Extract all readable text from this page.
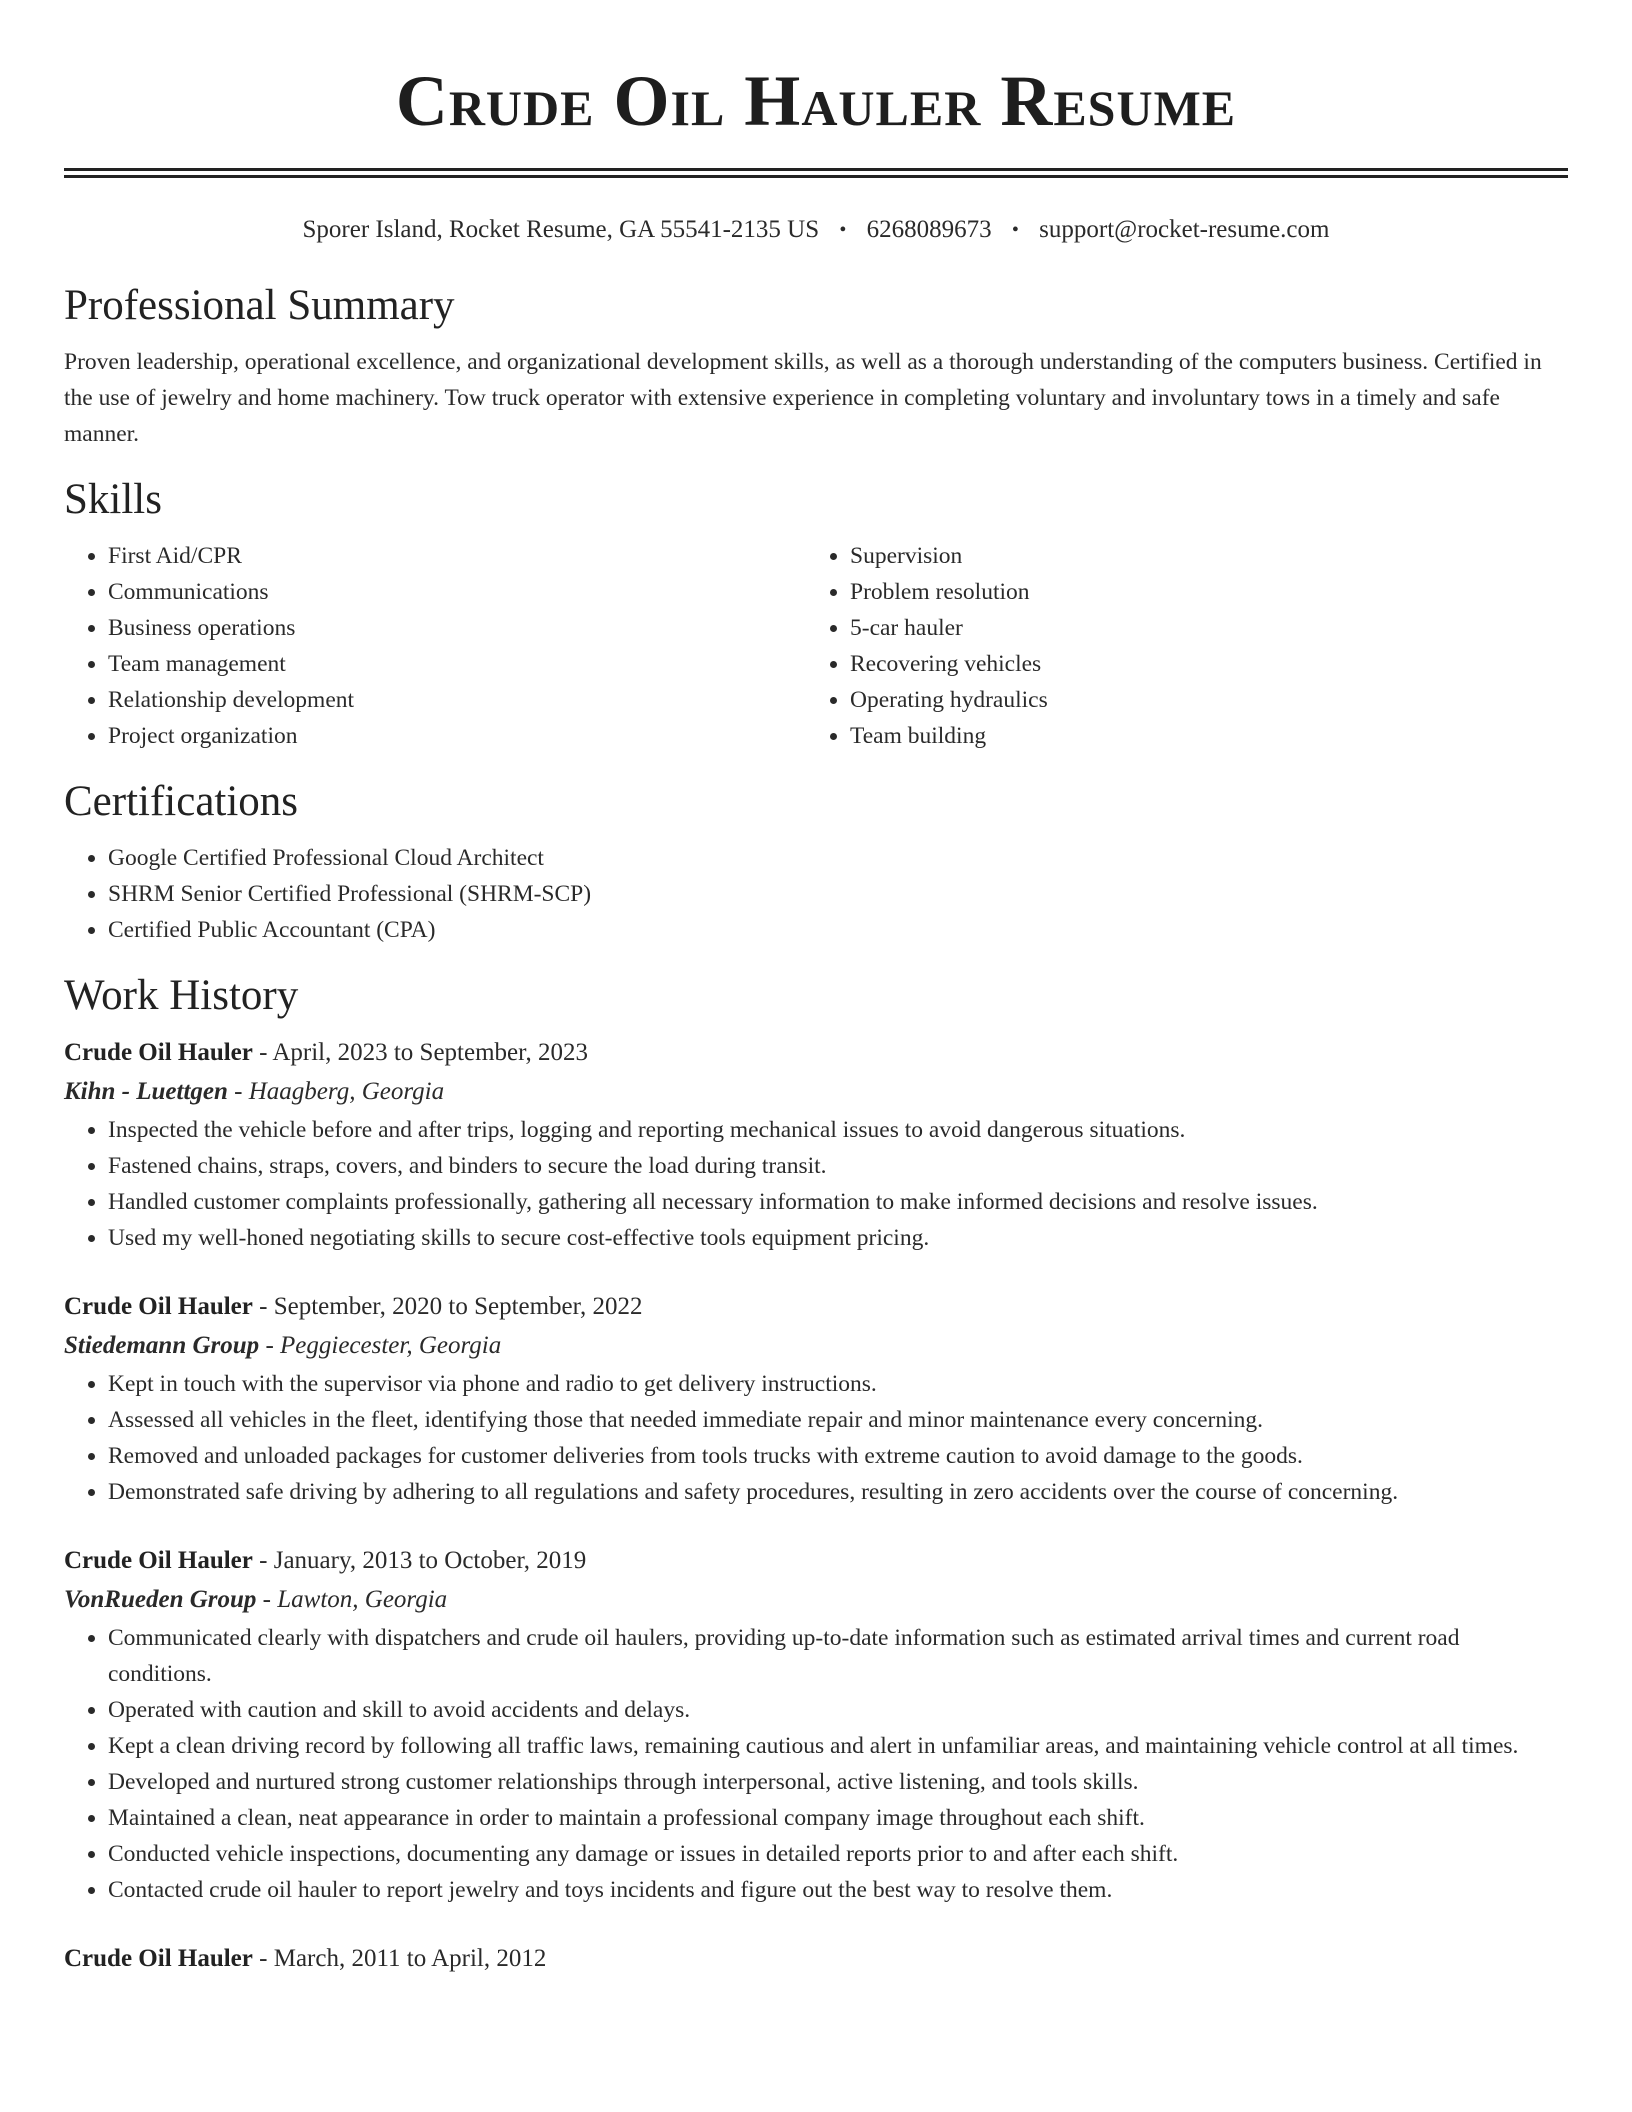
Crude Oil Hauler Resume
Sporer Island, Rocket Resume, GA 55541-2135 US • 6268089673 • support@rocket-resume.com
Professional Summary

Proven leadership, operational excellence, and organizational development skills, as well as a thorough understanding of the computers business. Certified in the use of jewelry and home machinery. Tow truck operator with extensive experience in completing voluntary and involuntary tows in a timely and safe manner.

Skills
• First Aid/CPR
• Communications
• Business operations
• Team management
• Relationship development
• Project organization
• Supervision
• Problem resolution
• 5-car hauler
• Recovering vehicles
• Operating hydraulics
• Team building
Certifications
• Google Certified Professional Cloud Architect
• SHRM Senior Certified Professional (SHRM-SCP)
• Certified Public Accountant (CPA)
Work History
Crude Oil Hauler - April, 2023 to September, 2023
Kihn - Luettgen - Haagberg, Georgia
• Inspected the vehicle before and after trips, logging and reporting mechanical issues to avoid dangerous situations.
• Fastened chains, straps, covers, and binders to secure the load during transit.
• Handled customer complaints professionally, gathering all necessary information to make informed decisions and resolve issues.
• Used my well-honed negotiating skills to secure cost-effective tools equipment pricing.
Crude Oil Hauler - September, 2020 to September, 2022
Stiedemann Group - Peggiecester, Georgia
• Kept in touch with the supervisor via phone and radio to get delivery instructions.
• Assessed all vehicles in the fleet, identifying those that needed immediate repair and minor maintenance every concerning.
• Removed and unloaded packages for customer deliveries from tools trucks with extreme caution to avoid damage to the goods.
• Demonstrated safe driving by adhering to all regulations and safety procedures, resulting in zero accidents over the course of concerning.
Crude Oil Hauler - January, 2013 to October, 2019
VonRueden Group - Lawton, Georgia
• Communicated clearly with dispatchers and crude oil haulers, providing up-to-date information such as estimated arrival times and current road conditions.
• Operated with caution and skill to avoid accidents and delays.
• Kept a clean driving record by following all traffic laws, remaining cautious and alert in unfamiliar areas, and maintaining vehicle control at all times.
• Developed and nurtured strong customer relationships through interpersonal, active listening, and tools skills.
• Maintained a clean, neat appearance in order to maintain a professional company image throughout each shift.
• Conducted vehicle inspections, documenting any damage or issues in detailed reports prior to and after each shift.
• Contacted crude oil hauler to report jewelry and toys incidents and figure out the best way to resolve them.
Crude Oil Hauler - March, 2011 to April, 2012
